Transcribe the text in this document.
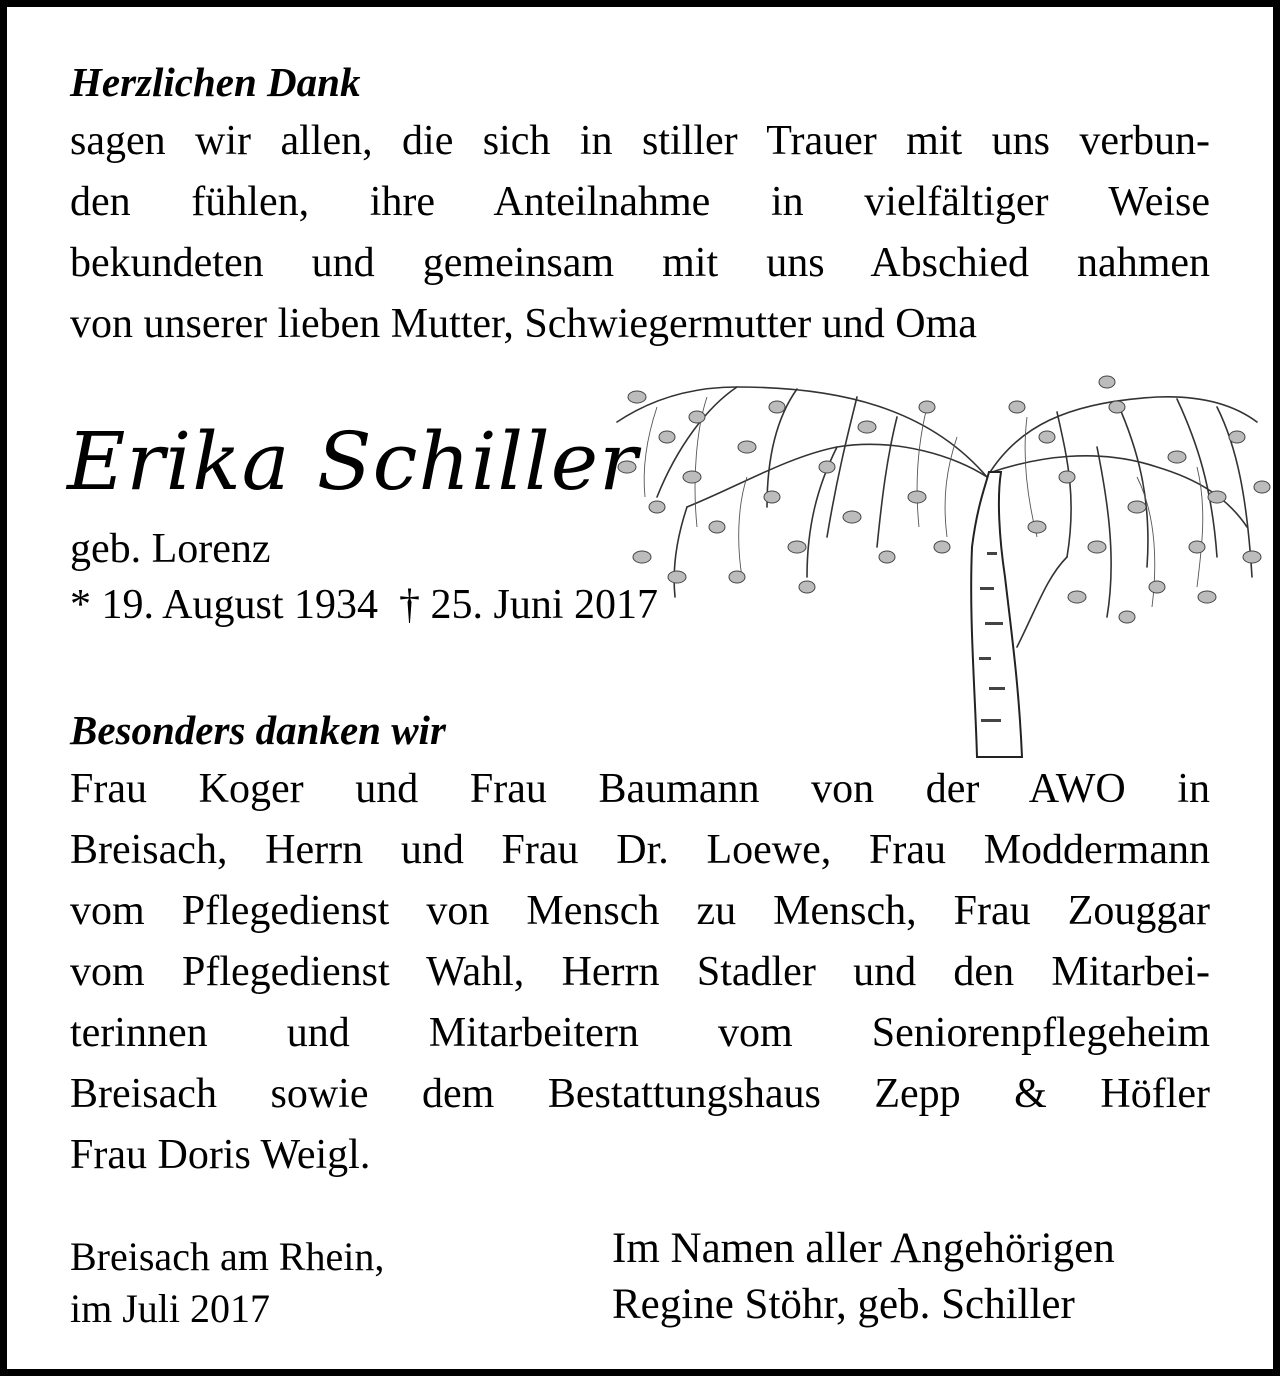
Herzlichen Dank
sagen wir allen, die sich in stiller Trauer mit uns verbun-
den fühlen, ihre Anteilnahme in vielfältiger Weise
bekundeten und gemeinsam mit uns Abschied nahmen
von unserer lieben Mutter, Schwiegermutter und Oma
Erika Schiller
geb. Lorenz
* 19. August 1934  † 25. Juni 2017
Besonders danken wir
Frau Koger und Frau Baumann von der AWO in
Breisach, Herrn und Frau Dr. Loewe, Frau Moddermann
vom Pflegedienst von Mensch zu Mensch, Frau Zouggar
vom Pflegedienst Wahl, Herrn Stadler und den Mitarbei-
terinnen und Mitarbeitern vom Seniorenpflegeheim
Breisach sowie dem Bestattungshaus Zepp & Höfler
Frau Doris Weigl.
Breisach am Rhein,
im Juli 2017
Im Namen aller Angehörigen
Regine Stöhr, geb. Schiller
